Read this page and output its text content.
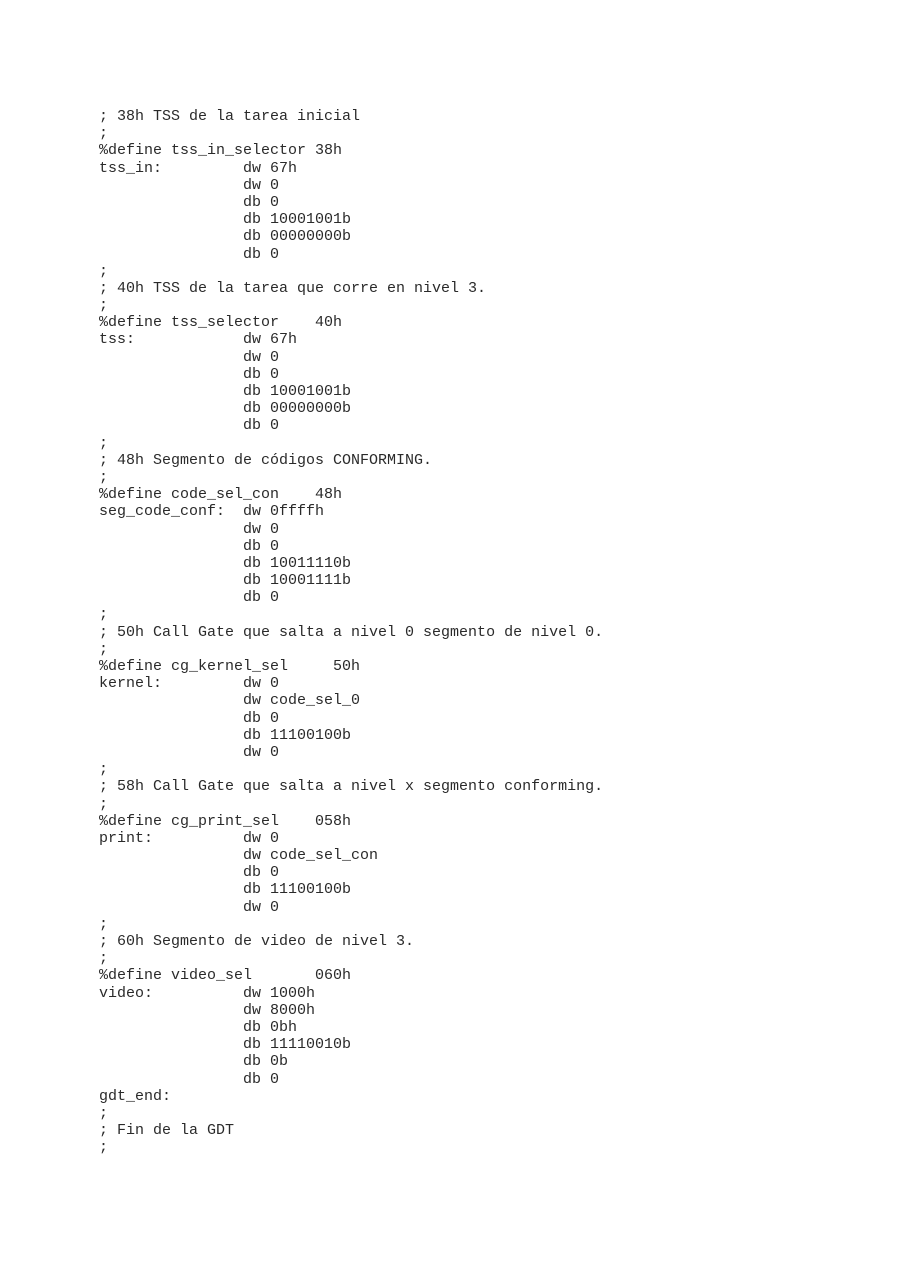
; 38h TSS de la tarea inicial
;
%define tss_in_selector 38h
tss_in:         dw 67h
dw 0
db 0
db 10001001b
db 00000000b
db 0
;
; 40h TSS de la tarea que corre en nivel 3.
;
%define tss_selector    40h
tss:            dw 67h
dw 0
db 0
db 10001001b
db 00000000b
db 0
;
; 48h Segmento de códigos CONFORMING.
;
%define code_sel_con    48h
seg_code_conf:  dw 0ffffh
dw 0
db 0
db 10011110b
db 10001111b
db 0
;
; 50h Call Gate que salta a nivel 0 segmento de nivel 0.
;
%define cg_kernel_sel     50h
kernel:         dw 0
dw code_sel_0
db 0
db 11100100b
dw 0
;
; 58h Call Gate que salta a nivel x segmento conforming.
;
%define cg_print_sel    058h
print:          dw 0
dw code_sel_con
db 0
db 11100100b
dw 0
;
; 60h Segmento de video de nivel 3.
;
%define video_sel       060h
video:          dw 1000h
dw 8000h
db 0bh
db 11110010b
db 0b
db 0
gdt_end:
;
; Fin de la GDT
;
